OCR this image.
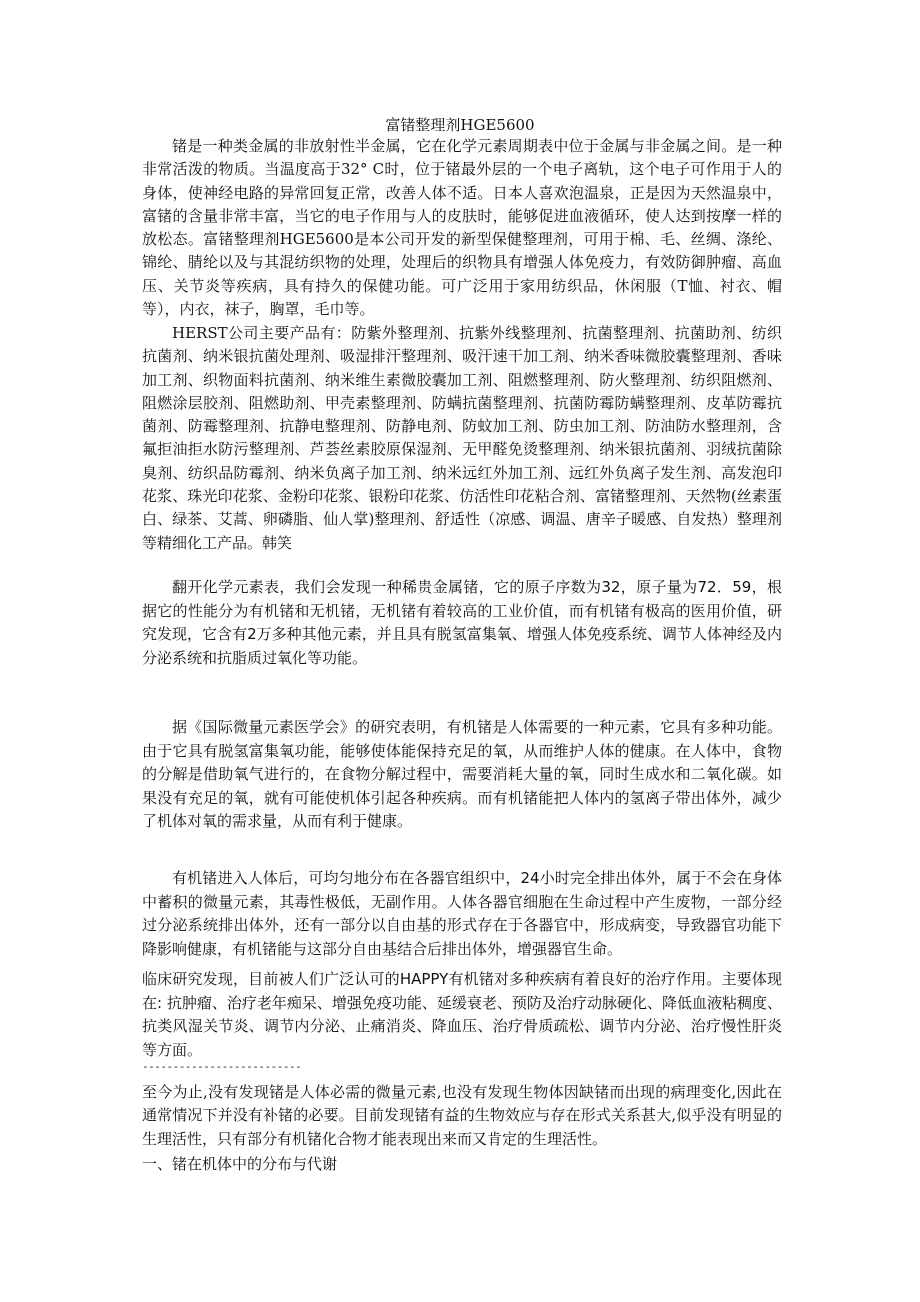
富锗整理剂HGE5600

锗是一种类金属的非放射性半金属，它在化学元素周期表中位于金属与非金属之间。是一种非常活泼的物质。当温度高于32° C时，位于锗最外层的一个电子离轨，这个电子可作用于人的身体，使神经电路的异常回复正常，改善人体不适。日本人喜欢泡温泉，正是因为天然温泉中，富锗的含量非常丰富，当它的电子作用与人的皮肤时，能够促进血液循环，使人达到按摩一样的放松态。富锗整理剂HGE5600是本公司开发的新型保健整理剂，可用于棉、毛、丝绸、涤纶、锦纶、腈纶以及与其混纺织物的处理，处理后的织物具有增强人体免疫力，有效防御肿瘤、高血压、关节炎等疾病，具有持久的保健功能。可广泛用于家用纺织品，休闲服（T恤、衬衣、帽等），内衣，袜子，胸罩，毛巾等。

HERST公司主要产品有：防紫外整理剂、抗紫外线整理剂、抗菌整理剂、抗菌助剂、纺织抗菌剂、纳米银抗菌处理剂、吸湿排汗整理剂、吸汗速干加工剂、纳米香味微胶囊整理剂、香味加工剂、织物面料抗菌剂、纳米维生素微胶囊加工剂、阻燃整理剂、防火整理剂、纺织阻燃剂、阻燃涂层胶剂、阻燃助剂、甲壳素整理剂、防螨抗菌整理剂、抗菌防霉防螨整理剂、皮革防霉抗菌剂、防霉整理剂、抗静电整理剂、防静电剂、防蚊加工剂、防虫加工剂、防油防水整理剂，含氟拒油拒水防污整理剂、芦荟丝素胶原保湿剂、无甲醛免烫整理剂、纳米银抗菌剂、羽绒抗菌除臭剂、纺织品防霉剂、纳米负离子加工剂、纳米远红外加工剂、远红外负离子发生剂、高发泡印花浆、珠光印花浆、金粉印花浆、银粉印花浆、仿活性印花粘合剂、富锗整理剂、天然物(丝素蛋白、绿茶、艾蒿、卵磷脂、仙人掌)整理剂、舒适性（凉感、调温、唐辛子暖感、自发热）整理剂等精细化工产品。韩笑

翻开化学元素表，我们会发现一种稀贵金属锗，它的原子序数为32，原子量为72．59，根据它的性能分为有机锗和无机锗，无机锗有着较高的工业价值，而有机锗有极高的医用价值，研究发现，它含有2万多种其他元素，并且具有脱氢富集氧、增强人体免疫系统、调节人体神经及内分泌系统和抗脂质过氧化等功能。

据《国际微量元素医学会》的研究表明，有机锗是人体需要的一种元素，它具有多种功能。由于它具有脱氢富集氧功能，能够使体能保持充足的氧，从而维护人体的健康。在人体中，食物的分解是借助氧气进行的，在食物分解过程中，需要消耗大量的氧，同时生成水和二氧化碳。如果没有充足的氧，就有可能使机体引起各种疾病。而有机锗能把人体内的氢离子带出体外，减少了机体对氧的需求量，从而有利于健康。

有机锗进入人体后，可均匀地分布在各器官组织中，24小时完全排出体外，属于不会在身体中蓄积的微量元素，其毒性极低，无副作用。人体各器官细胞在生命过程中产生废物，一部分经过分泌系统排出体外，还有一部分以自由基的形式存在于各器官中，形成病变，导致器官功能下降影响健康，有机锗能与这部分自由基结合后排出体外，增强器官生命。

临床研究发现，目前被人们广泛认可的HAPPY有机锗对多种疾病有着良好的治疗作用。主要体现在: 抗肿瘤、治疗老年痴呆、增强免疫功能、延缓衰老、预防及治疗动脉硬化、降低血液粘稠度、抗类风湿关节炎、调节内分泌、止痛消炎、降血压、治疗骨质疏松、调节内分泌、治疗慢性肝炎等方面。

--------------------------

至今为止,没有发现锗是人体必需的微量元素,也没有发现生物体因缺锗而出现的病理变化,因此在通常情况下并没有补锗的必要。目前发现锗有益的生物效应与存在形式关系甚大,似乎没有明显的生理活性，只有部分有机锗化合物才能表现出来而又肯定的生理活性。

一、锗在机体中的分布与代谢
